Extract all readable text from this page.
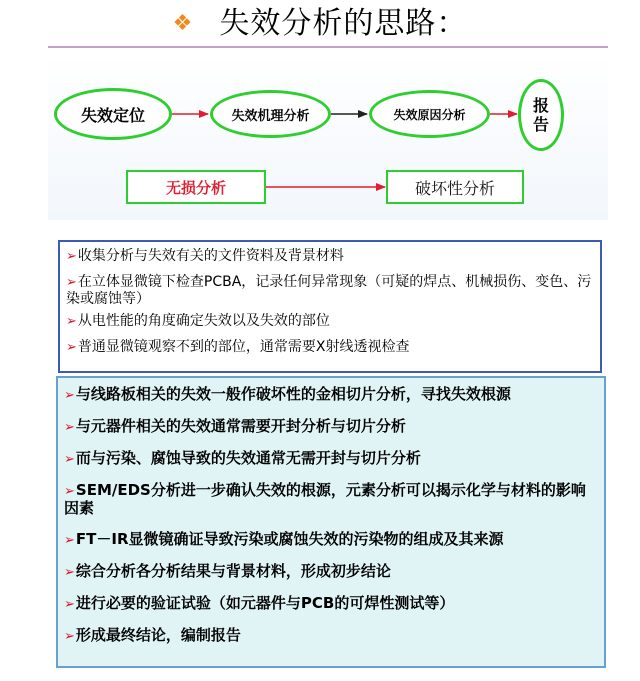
❖ 失效分析的思路：
失效定位	失效机理分析	失效原因分析	报
告
无损分析	破坏性分析
➢收集分析与失效有关的文件资料及背景材料
➢在立体显微镜下检查PCBA，记录任何异常现象（可疑的焊点、机械损伤、变色、污染或腐蚀等）
➢从电性能的角度确定失效以及失效的部位
➢普通显微镜观察不到的部位，通常需要X射线透视检查
➢与线路板相关的失效一般作破坏性的金相切片分析，寻找失效根源
➢与元器件相关的失效通常需要开封分析与切片分析
➢而与污染、腐蚀导致的失效通常无需开封与切片分析
➢SEM/EDS分析进一步确认失效的根源，元素分析可以揭示化学与材料的影响因素
➢FT－IR显微镜确证导致污染或腐蚀失效的污染物的组成及其来源
➢综合分析各分析结果与背景材料，形成初步结论
➢进行必要的验证试验（如元器件与PCB的可焊性测试等）
➢形成最终结论，编制报告
